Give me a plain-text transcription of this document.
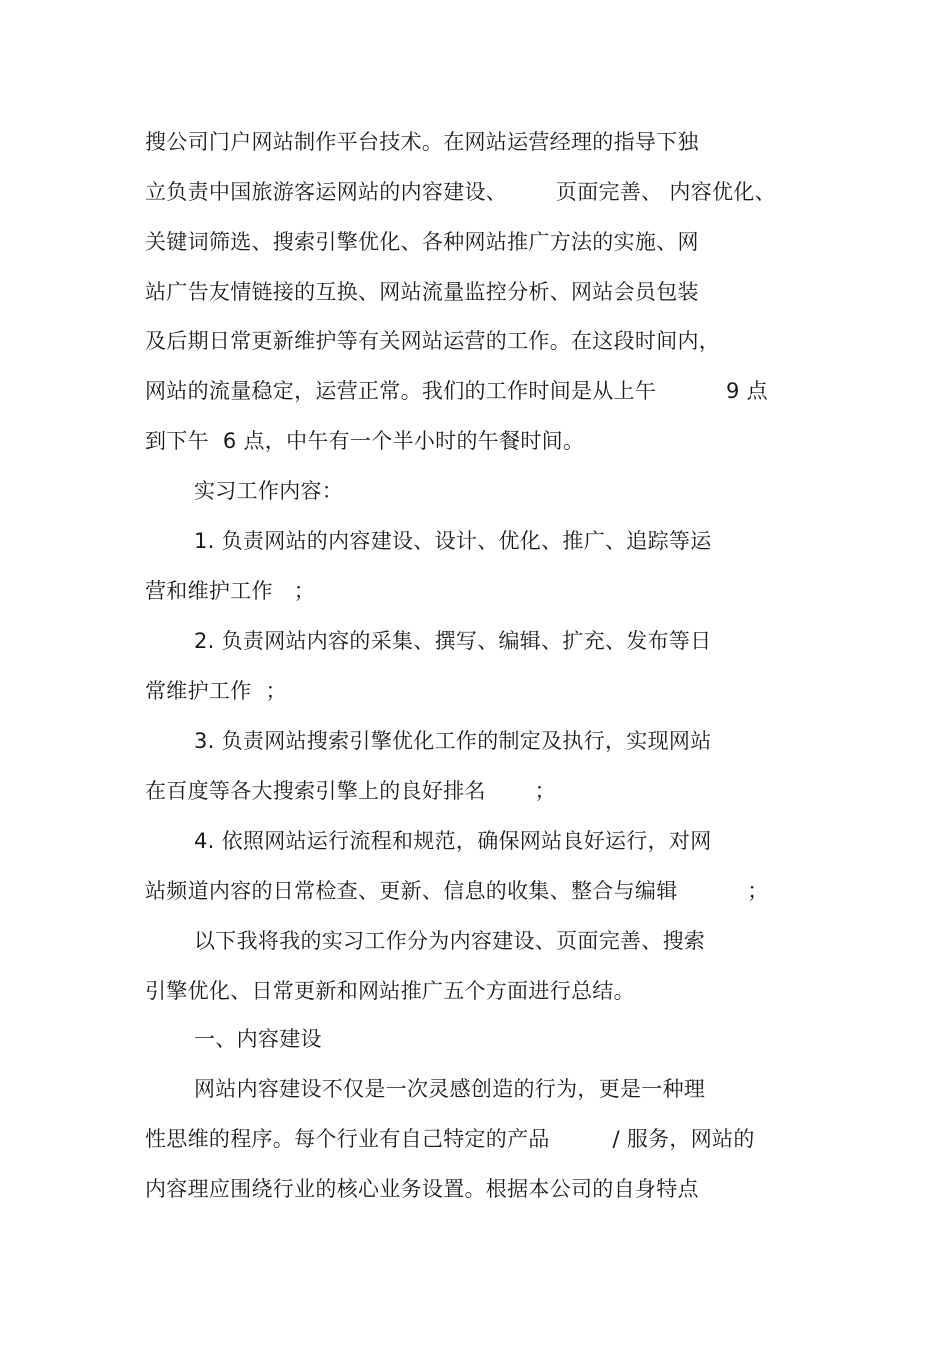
搜公司门户网站制作平台技术。在网站运营经理的指导下独
立负责中国旅游客运网站的内容建设、       页面完善、 内容优化、
关键词筛选、搜索引擎优化、各种网站推广方法的实施、网
站广告友情链接的互换、网站流量监控分析、网站会员包装
及后期日常更新维护等有关网站运营的工作。在这段时间内，
网站的流量稳定，运营正常。我们的工作时间是从上午          9 点
到下午  6 点，中午有一个半小时的午餐时间。
实习工作内容：
1. 负责网站的内容建设、设计、优化、推广、追踪等运
营和维护工作   ；
2. 负责网站内容的采集、撰写、编辑、扩充、发布等日
常维护工作  ；
3. 负责网站搜索引擎优化工作的制定及执行，实现网站
在百度等各大搜索引擎上的良好排名       ；
4. 依照网站运行流程和规范，确保网站良好运行，对网
站频道内容的日常检查、更新、信息的收集、整合与编辑          ；
以下我将我的实习工作分为内容建设、页面完善、搜索
引擎优化、日常更新和网站推广五个方面进行总结。
一、内容建设
网站内容建设不仅是一次灵感创造的行为，更是一种理
性思维的程序。每个行业有自己特定的产品         / 服务，网站的
内容理应围绕行业的核心业务设置。根据本公司的自身特点
